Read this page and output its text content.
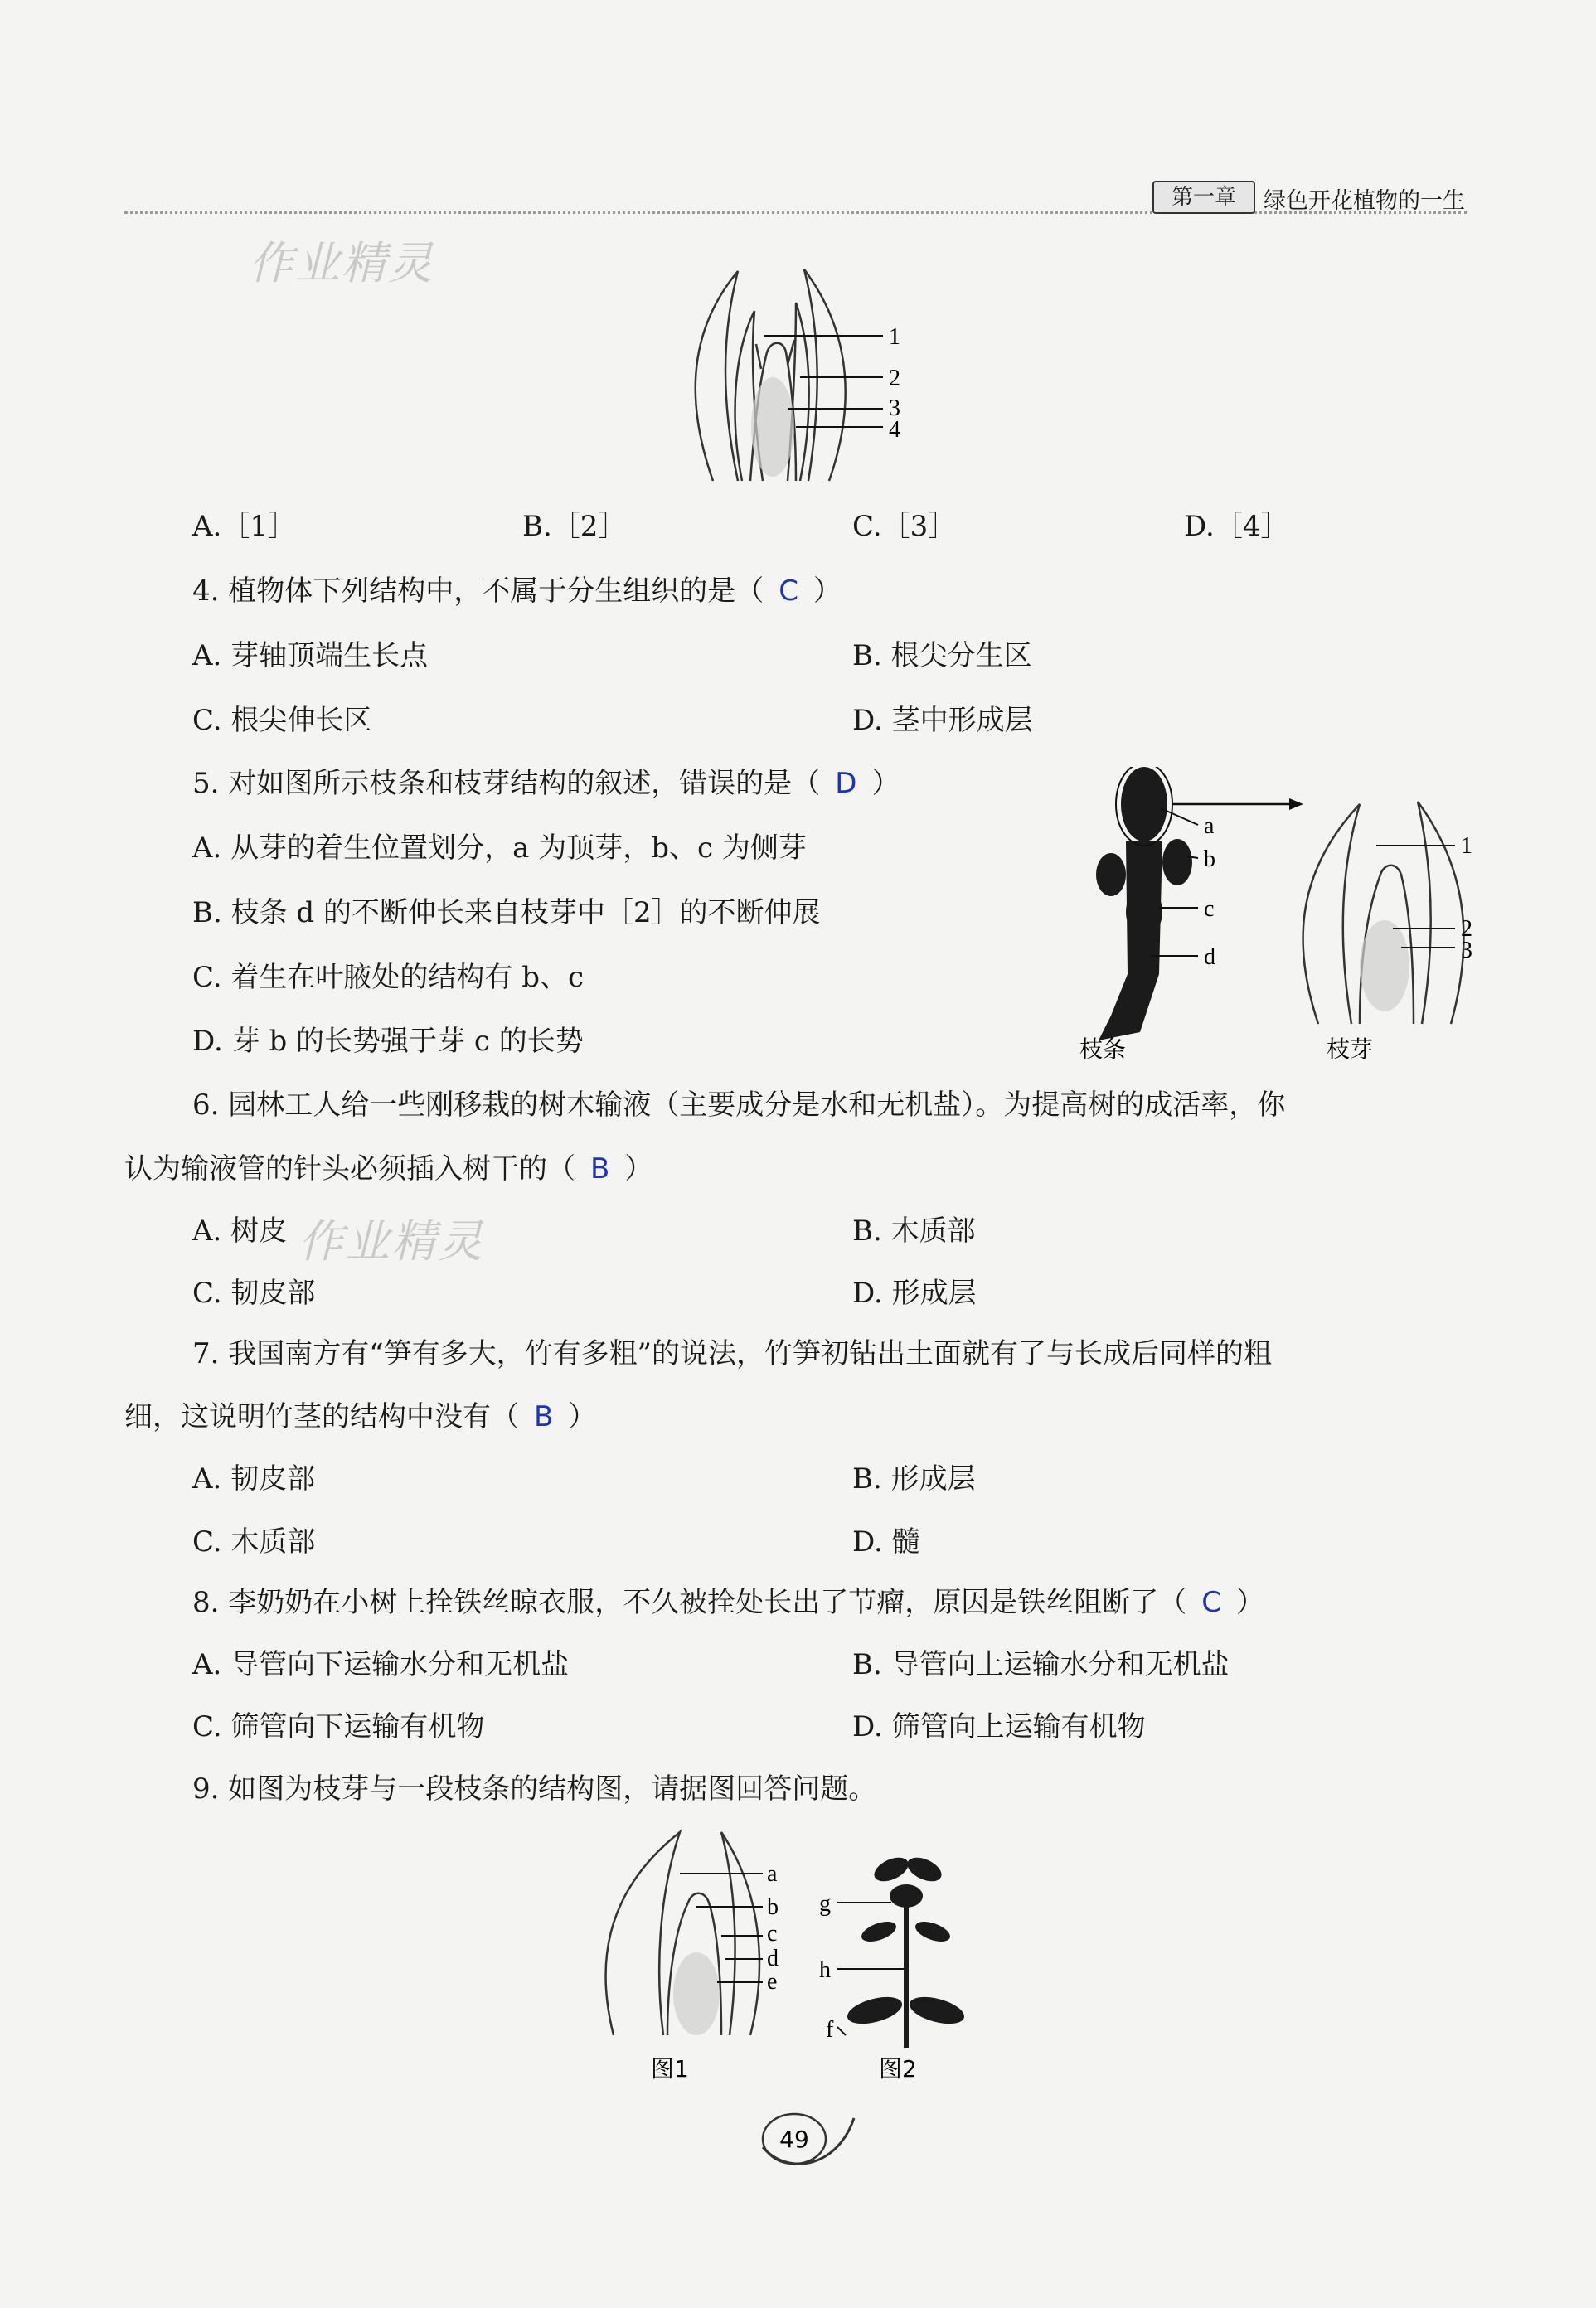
第一章	绿色开花植物的一生
作业精灵
作业精灵
1
2
3
4
A.［1］	B.［2］	C.［3］	D.［4］
4. 植物体下列结构中，不属于分生组织的是（ C ）
A. 芽轴顶端生长点	B. 根尖分生区
C. 根尖伸长区	D. 茎中形成层
5. 对如图所示枝条和枝芽结构的叙述，错误的是（ D ）
A. 从芽的着生位置划分，a 为顶芽，b、c 为侧芽
B. 枝条 d 的不断伸长来自枝芽中［2］的不断伸展
C. 着生在叶腋处的结构有 b、c
D. 芽 b 的长势强于芽 c 的长势
a
b
c
d
1
2
3
枝条	枝芽
6. 园林工人给一些刚移栽的树木输液（主要成分是水和无机盐）。为提高树的成活率，你
认为输液管的针头必须插入树干的（ B ）
A. 树皮	B. 木质部
C. 韧皮部	D. 形成层
7. 我国南方有“笋有多大，竹有多粗”的说法，竹笋初钻出土面就有了与长成后同样的粗
细，这说明竹茎的结构中没有（ B ）
A. 韧皮部	B. 形成层
C. 木质部	D. 髓
8. 李奶奶在小树上拴铁丝晾衣服，不久被拴处长出了节瘤，原因是铁丝阻断了（ C ）
A. 导管向下运输水分和无机盐	B. 导管向上运输水分和无机盐
C. 筛管向下运输有机物	D. 筛管向上运输有机物
9. 如图为枝芽与一段枝条的结构图，请据图回答问题。
a
b
c
d
e
图1
g
h
f
图2
49
